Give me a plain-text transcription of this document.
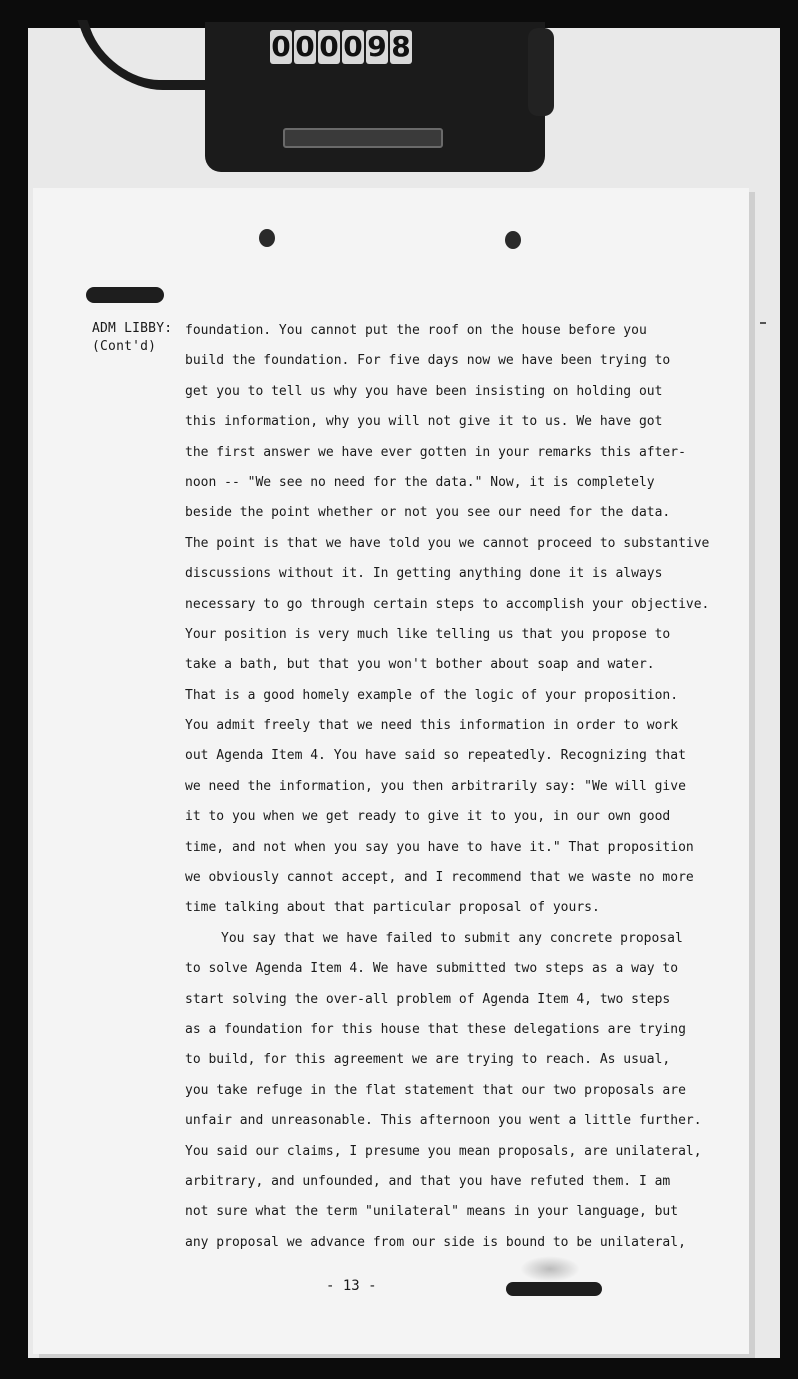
0 0 0 0 9 8
ADM LIBBY:
(Cont'd)
foundation. You cannot put the roof on the house before you
build the foundation. For five days now we have been trying to
get you to tell us why you have been insisting on holding out
this information, why you will not give it to us. We have got
the first answer we have ever gotten in your remarks this after-
noon -- "We see no need for the data." Now, it is completely
beside the point whether or not you see our need for the data.
The point is that we have told you we cannot proceed to substantive
discussions without it. In getting anything done it is always
necessary to go through certain steps to accomplish your objective.
Your position is very much like telling us that you propose to
take a bath, but that you won't bother about soap and water.
That is a good homely example of the logic of your proposition.
You admit freely that we need this information in order to work
out Agenda Item 4. You have said so repeatedly. Recognizing that
we need the information, you then arbitrarily say: "We will give
it to you when we get ready to give it to you, in our own good
time, and not when you say you have to have it." That proposition
we obviously cannot accept, and I recommend that we waste no more
time talking about that particular proposal of yours.
You say that we have failed to submit any concrete proposal
to solve Agenda Item 4. We have submitted two steps as a way to
start solving the over-all problem of Agenda Item 4, two steps
as a foundation for this house that these delegations are trying
to build, for this agreement we are trying to reach. As usual,
you take refuge in the flat statement that our two proposals are
unfair and unreasonable. This afternoon you went a little further.
You said our claims, I presume you mean proposals, are unilateral,
arbitrary, and unfounded, and that you have refuted them. I am
not sure what the term "unilateral" means in your language, but
any proposal we advance from our side is bound to be unilateral,
- 13 -
